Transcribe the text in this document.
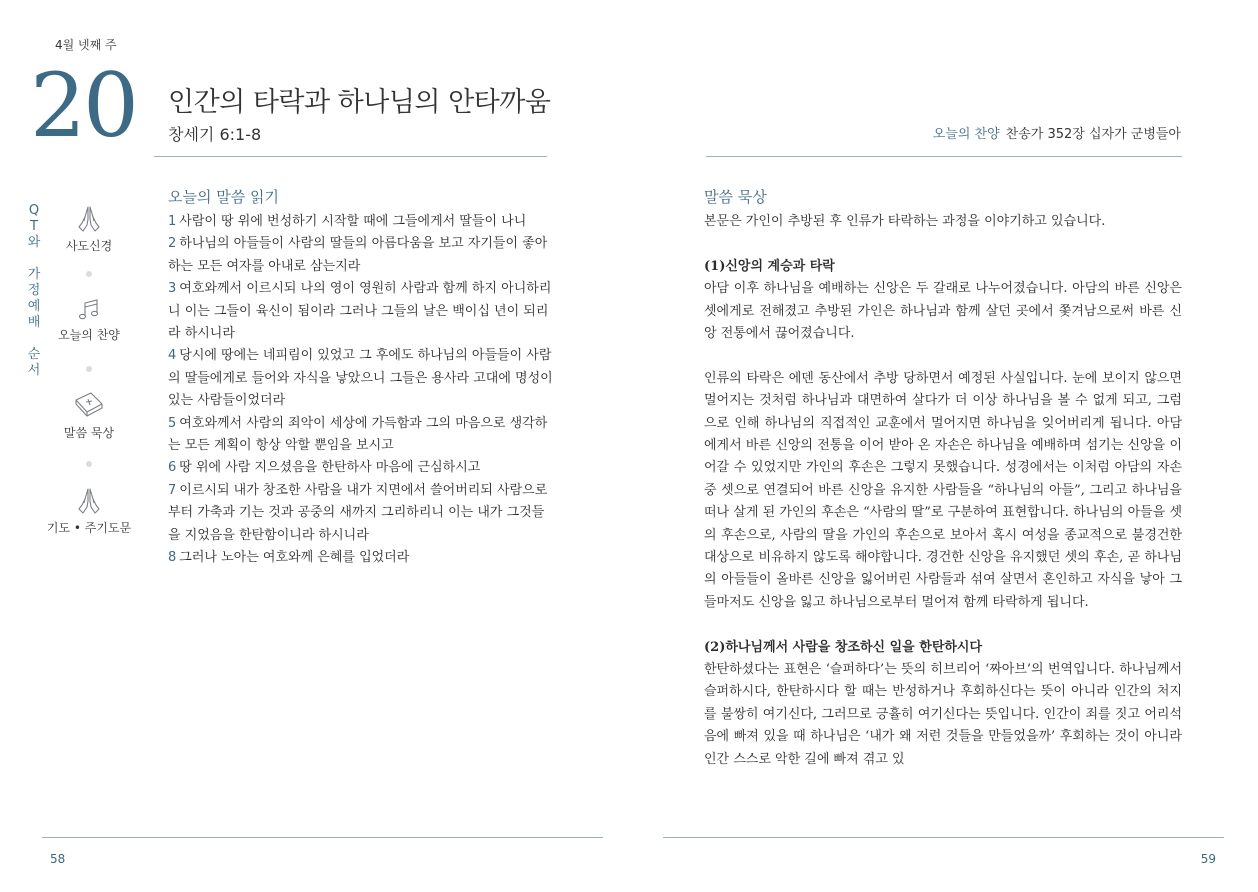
4월 넷째 주
20 인간의 타락과 하나님의 안타까움
창세기 6:1-8	오늘의 찬양 찬송가 352장 십자가 군병들아
Q
T
와
가
정
예
배
순
서
사도신경
오늘의 찬양
말씀 묵상
기도 • 주기도문
오늘의 말씀 읽기
1 사람이 땅 위에 번성하기 시작할 때에 그들에게서 딸들이 나니
2 하나님의 아들들이 사람의 딸들의 아름다움을 보고 자기들이 좋아하는 모든 여자를 아내로 삼는지라
3 여호와께서 이르시되 나의 영이 영원히 사람과 함께 하지 아니하리니 이는 그들이 육신이 됨이라 그러나 그들의 날은 백이십 년이 되리라 하시니라
4 당시에 땅에는 네피림이 있었고 그 후에도 하나님의 아들들이 사람의 딸들에게로 들어와 자식을 낳았으니 그들은 용사라 고대에 명성이 있는 사람들이었더라
5 여호와께서 사람의 죄악이 세상에 가득함과 그의 마음으로 생각하는 모든 계획이 항상 악할 뿐임을 보시고
6 땅 위에 사람 지으셨음을 한탄하사 마음에 근심하시고
7 이르시되 내가 창조한 사람을 내가 지면에서 쓸어버리되 사람으로부터 가축과 기는 것과 공중의 새까지 그리하리니 이는 내가 그것들을 지었음을 한탄함이니라 하시니라
8 그러나 노아는 여호와께 은혜를 입었더라
말씀 묵상

본문은 가인이 추방된 후 인류가 타락하는 과정을 이야기하고 있습니다.

(1)신앙의 계승과 타락

아담 이후 하나님을 예배하는 신앙은 두 갈래로 나누어졌습니다. 아담의 바른 신앙은 셋에게로 전해졌고 추방된 가인은 하나님과 함께 살던 곳에서 쫓겨남으로써 바른 신앙 전통에서 끊어졌습니다.

인류의 타락은 에덴 동산에서 추방 당하면서 예정된 사실입니다. 눈에 보이지 않으면 멀어지는 것처럼 하나님과 대면하여 살다가 더 이상 하나님을 볼 수 없게 되고, 그럼으로 인해 하나님의 직접적인 교훈에서 멀어지면 하나님을 잊어버리게 됩니다. 아담에게서 바른 신앙의 전통을 이어 받아 온 자손은 하나님을 예배하며 섬기는 신앙을 이어갈 수 있었지만 가인의 후손은 그렇지 못했습니다. 성경에서는 이처럼 아담의 자손 중 셋으로 연결되어 바른 신앙을 유지한 사람들을 “하나님의 아들”, 그리고 하나님을 떠나 살게 된 가인의 후손은 “사람의 딸”로 구분하여 표현합니다. 하나님의 아들을 셋의 후손으로, 사람의 딸을 가인의 후손으로 보아서 혹시 여성을 종교적으로 불경건한 대상으로 비유하지 않도록 해야합니다. 경건한 신앙을 유지했던 셋의 후손, 곧 하나님의 아들들이 올바른 신앙을 잃어버린 사람들과 섞여 살면서 혼인하고 자식을 낳아 그들마저도 신앙을 잃고 하나님으로부터 멀어져 함께 타락하게 됩니다.

(2)하나님께서 사람을 창조하신 일을 한탄하시다

한탄하셨다는 표현은 ‘슬퍼하다’는 뜻의 히브리어 ‘짜아브’의 번역입니다. 하나님께서 슬퍼하시다, 한탄하시다 할 때는 반성하거나 후회하신다는 뜻이 아니라 인간의 처지를 불쌍히 여기신다, 그러므로 긍휼히 여기신다는 뜻입니다. 인간이 죄를 짓고 어리석음에 빠져 있을 때 하나님은 ‘내가 왜 저런 것들을 만들었을까’ 후회하는 것이 아니라 인간 스스로 악한 길에 빠져 겪고 있

58	59
